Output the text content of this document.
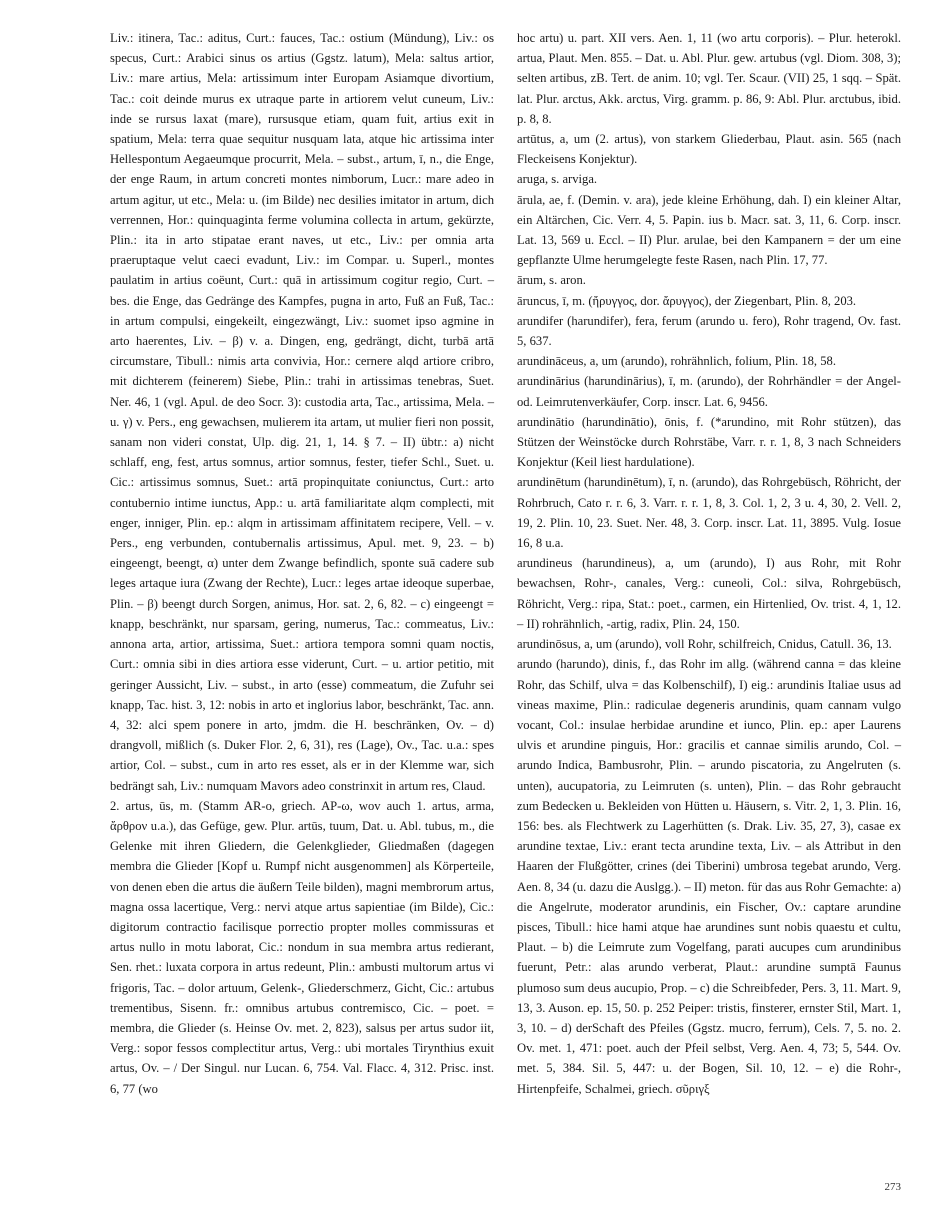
Liv.: itinera, Tac.: aditus, Curt.: fauces, Tac.: ostium (Mündung), Liv.: os specus, Curt.: Arabici sinus os artius (Ggstz. latum), Mela: saltus artior, Liv.: mare artius, Mela: artissimum inter Europam Asiamque divortium, Tac.: coit deinde murus ex utraque parte in artiorem velut cuneum, Liv.: inde se rursus laxat (mare), rursusque etiam, quam fuit, artius exit in spatium, Mela: terra quae sequitur nusquam lata, atque hic artissima inter Hellespontum Aegaeumque procurrit, Mela. – subst., artum, ī, n., die Enge, der enge Raum, in artum concreti montes nimborum, Lucr.: mare adeo in artum agitur, ut etc., Mela: u. (im Bilde) nec desilies imitator in artum, dich verrennen, Hor.: quinquaginta ferme volumina collecta in artum, gekürzte, Plin.: ita in arto stipatae erant naves, ut etc., Liv.: per omnia arta praeruptaque velut caeci evadunt, Liv.: im Compar. u. Superl., montes paulatim in artius coëunt, Curt.: quā in artissimum cogitur regio, Curt. – bes. die Enge, das Gedränge des Kampfes, pugna in arto, Fuß an Fuß, Tac.: in artum compulsi, eingekeilt, eingezwängt, Liv.: suomet ipso agmine in arto haerentes, Liv. – β) v. a. Dingen, eng, gedrängt, dicht, turbā artā circumstare, Tibull.: nimis arta convivia, Hor.: cernere alqd artiore cribro, mit dichterem (feinerem) Siebe, Plin.: trahi in artissimas tenebras, Suet. Ner. 46, 1 (vgl. Apul. de deo Socr. 3): custodia arta, Tac., artissima, Mela. – u. γ) v. Pers., eng gewachsen, mulierem ita artam, ut mulier fieri non possit, sanam non videri constat, Ulp. dig. 21, 1, 14. § 7. – II) übtr.: a) nicht schlaff, eng, fest, artus somnus, artior somnus, fester, tiefer Schl., Suet. u. Cic.: artissimus somnus, Suet.: artā propinquitate coniunctus, Curt.: arto contubernio intime iunctus, App.: u. artā familiaritate alqm complecti, mit enger, inniger, Plin. ep.: alqm in artissimam affinitatem recipere, Vell. – v. Pers., eng verbunden, contubernalis artissimus, Apul. met. 9, 23. – b) eingeengt, beengt, α) unter dem Zwange befindlich, sponte suā cadere sub leges artaque iura (Zwang der Rechte), Lucr.: leges artae ideoque superbae, Plin. – β) beengt durch Sorgen, animus, Hor. sat. 2, 6, 82. – c) eingeengt = knapp, beschränkt, nur sparsam, gering, numerus, Tac.: commeatus, Liv.: annona arta, artior, artissima, Suet.: artiora tempora somni quam noctis, Curt.: omnia sibi in dies artiora esse viderunt, Curt. – u. artior petitio, mit geringer Aussicht, Liv. – subst., in arto (esse) commeatum, die Zufuhr sei knapp, Tac. hist. 3, 12: nobis in arto et inglorius labor, beschränkt, Tac. ann. 4, 32: alci spem ponere in arto, jmdm. die H. beschränken, Ov. – d) drangvoll, mißlich (s. Duker Flor. 2, 6, 31), res (Lage), Ov., Tac. u.a.: spes artior, Col. – subst., cum in arto res esset, als er in der Klemme war, sich bedrängt sah, Liv.: numquam Mavors adeo constrinxit in artum res, Claud.

2. artus, ūs, m. (Stamm AR-o, griech. AP-ω, wov auch 1. artus, arma, ἄρθρον u.a.), das Gefüge, gew. Plur. artūs, tuum, Dat. u. Abl. tubus, m., die Gelenke mit ihren Gliedern, die Gelenkglieder, Gliedmaßen (dagegen membra die Glieder [Kopf u. Rumpf nicht ausgenommen] als Körperteile, von denen eben die artus die äußern Teile bilden), magni membrorum artus, magna ossa lacertique, Verg.: nervi atque artus sapientiae (im Bilde), Cic.: digitorum contractio facilisque porrectio propter molles commissuras et artus nullo in motu laborat, Cic.: nondum in sua membra artus redierant, Sen. rhet.: luxata corpora in artus redeunt, Plin.: ambusti multorum artus vi frigoris, Tac. – dolor artuum, Gelenk-, Gliederschmerz, Gicht, Cic.: artubus trementibus, Sisenn. fr.: omnibus artubus contremisco, Cic. – poet. = membra, die Glieder (s. Heinse Ov. met. 2, 823), salsus per artus sudor iit, Verg.: sopor fessos complectitur artus, Verg.: ubi mortales Tirynthius exuit artus, Ov. – / Der Singul. nur Lucan. 6, 754. Val. Flacc. 4, 312. Prisc. inst. 6, 77 (wo

hoc artu) u. part. XII vers. Aen. 1, 11 (wo artu corporis). – Plur. heterokl. artua, Plaut. Men. 855. – Dat. u. Abl. Plur. gew. artubus (vgl. Diom. 308, 3); selten artibus, zB. Tert. de anim. 10; vgl. Ter. Scaur. (VII) 25, 1 sqq. – Spät. lat. Plur. arctus, Akk. arctus, Virg. gramm. p. 86, 9: Abl. Plur. arctubus, ibid. p. 8, 8.

artūtus, a, um (2. artus), von starkem Gliederbau, Plaut. asin. 565 (nach Fleckeisens Konjektur).

aruga, s. arviga.

ārula, ae, f. (Demin. v. ara), jede kleine Erhöhung, dah. I) ein kleiner Altar, ein Altärchen, Cic. Verr. 4, 5. Papin. ius b. Macr. sat. 3, 11, 6. Corp. inscr. Lat. 13, 569 u. Eccl. – II) Plur. arulae, bei den Kampanern = der um eine gepflanzte Ulme herumgelegte feste Rasen, nach Plin. 17, 77.

ārum, s. aron.

āruncus, ī, m. (ἤρυγγος, dor. ἄρυγγος), der Ziegenbart, Plin. 8, 203.

arundifer (harundifer), fera, ferum (arundo u. fero), Rohr tragend, Ov. fast. 5, 637.

arundināceus, a, um (arundo), rohrähnlich, folium, Plin. 18, 58.

arundinārius (harundinārius), ī, m. (arundo), der Rohrhändler = der Angel- od. Leimrutenverkäufer, Corp. inscr. Lat. 6, 9456.

arundinātio (harundinātio), ōnis, f. (*arundino, mit Rohr stützen), das Stützen der Weinstöcke durch Rohrstäbe, Varr. r. r. 1, 8, 3 nach Schneiders Konjektur (Keil liest hardulatione).

arundinētum (harundinētum), ī, n. (arundo), das Rohrgebüsch, Röhricht, der Rohrbruch, Cato r. r. 6, 3. Varr. r. r. 1, 8, 3. Col. 1, 2, 3 u. 4, 30, 2. Vell. 2, 19, 2. Plin. 10, 23. Suet. Ner. 48, 3. Corp. inscr. Lat. 11, 3895. Vulg. Iosue 16, 8 u.a.

arundineus (harundineus), a, um (arundo), I) aus Rohr, mit Rohr bewachsen, Rohr-, canales, Verg.: cuneoli, Col.: silva, Rohrgebüsch, Röhricht, Verg.: ripa, Stat.: poet., carmen, ein Hirtenlied, Ov. trist. 4, 1, 12. – II) rohrähnlich, -artig, radix, Plin. 24, 150.

arundinōsus, a, um (arundo), voll Rohr, schilfreich, Cnidus, Catull. 36, 13.

arundo (harundo), dinis, f., das Rohr im allg. (während canna = das kleine Rohr, das Schilf, ulva = das Kolbenschilf), I) eig.: arundinis Italiae usus ad vineas maxime, Plin.: radiculae degeneris arundinis, quam cannam vulgo vocant, Col.: insulae herbidae arundine et iunco, Plin. ep.: aper Laurens ulvis et arundine pinguis, Hor.: gracilis et cannae similis arundo, Col. – arundo Indica, Bambusrohr, Plin. – arundo piscatoria, zu Angelruten (s. unten), aucupatoria, zu Leimruten (s. unten), Plin. – das Rohr gebraucht zum Bedecken u. Bekleiden von Hütten u. Häusern, s. Vitr. 2, 1, 3. Plin. 16, 156: bes. als Flechtwerk zu Lagerhütten (s. Drak. Liv. 35, 27, 3), casae ex arundine textae, Liv.: erant tecta arundine texta, Liv. – als Attribut in den Haaren der Flußgötter, crines (dei Tiberini) umbrosa tegebat arundo, Verg. Aen. 8, 34 (u. dazu die Auslgg.). – II) meton. für das aus Rohr Gemachte: a) die Angelrute, moderator arundinis, ein Fischer, Ov.: captare arundine pisces, Tibull.: hice hami atque hae arundines sunt nobis quaestu et cultu, Plaut. – b) die Leimrute zum Vogelfang, parati aucupes cum arundinibus fuerunt, Petr.: alas arundo verberat, Plaut.: arundine sumptā Faunus plumoso sum deus aucupio, Prop. – c) die Schreibfeder, Pers. 3, 11. Mart. 9, 13, 3. Auson. ep. 15, 50. p. 252 Peiper: tristis, finsterer, ernster Stil, Mart. 1, 3, 10. – d) derSchaft des Pfeiles (Ggstz. mucro, ferrum), Cels. 7, 5. no. 2. Ov. met. 1, 471: poet. auch der Pfeil selbst, Verg. Aen. 4, 73; 5, 544. Ov. met. 5, 384. Sil. 5, 447: u. der Bogen, Sil. 10, 12. – e) die Rohr-, Hirtenpfeife, Schalmei, griech. σῦριγξ

273
